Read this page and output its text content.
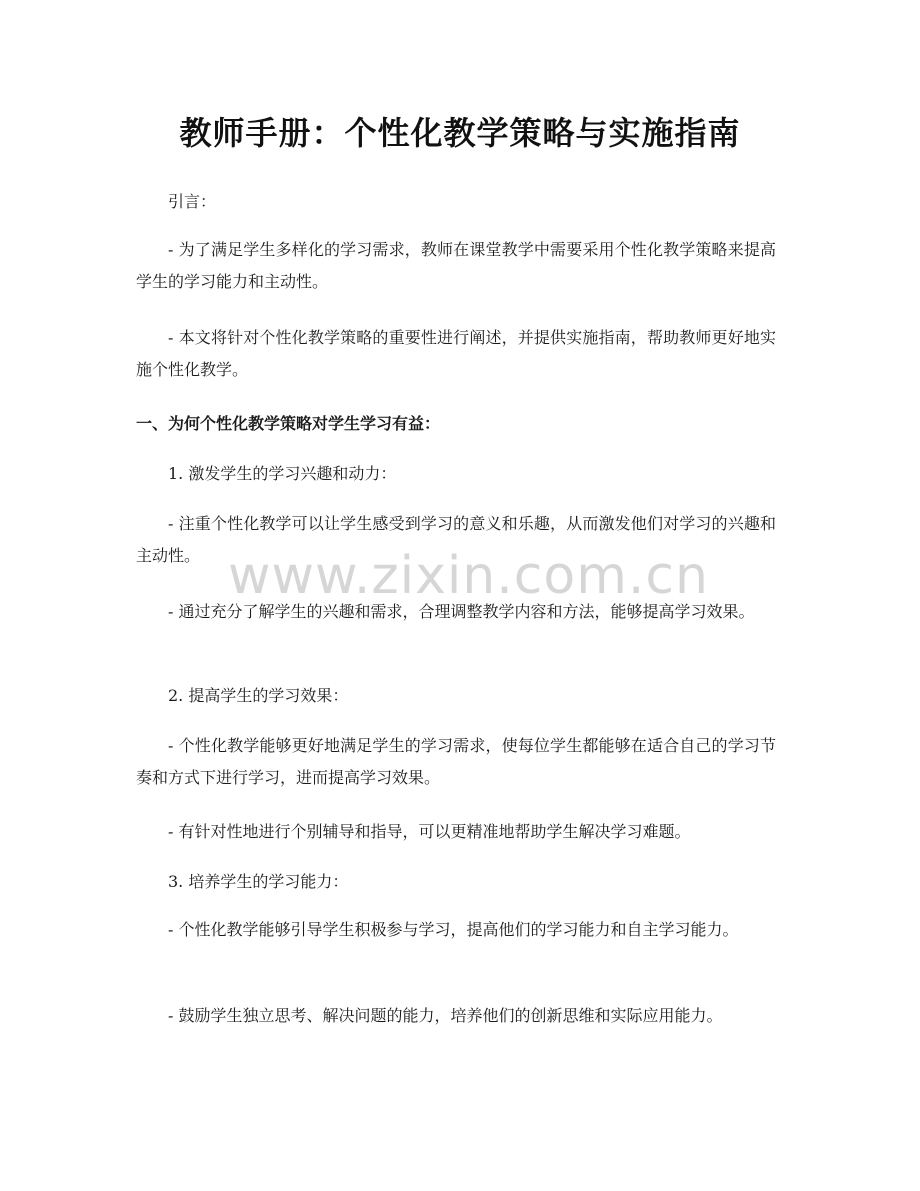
教师手册：个性化教学策略与实施指南
引言：
- 为了满足学生多样化的学习需求，教师在课堂教学中需要采用个性化教学策略来提高学生的学习能力和主动性。
- 本文将针对个性化教学策略的重要性进行阐述，并提供实施指南，帮助教师更好地实施个性化教学。
一、为何个性化教学策略对学生学习有益：
1. 激发学生的学习兴趣和动力：
- 注重个性化教学可以让学生感受到学习的意义和乐趣，从而激发他们对学习的兴趣和主动性。
- 通过充分了解学生的兴趣和需求，合理调整教学内容和方法，能够提高学习效果。
2. 提高学生的学习效果：
- 个性化教学能够更好地满足学生的学习需求，使每位学生都能够在适合自己的学习节奏和方式下进行学习，进而提高学习效果。
- 有针对性地进行个别辅导和指导，可以更精准地帮助学生解决学习难题。
3. 培养学生的学习能力：
- 个性化教学能够引导学生积极参与学习，提高他们的学习能力和自主学习能力。
- 鼓励学生独立思考、解决问题的能力，培养他们的创新思维和实际应用能力。
www.zixin.com.cn
